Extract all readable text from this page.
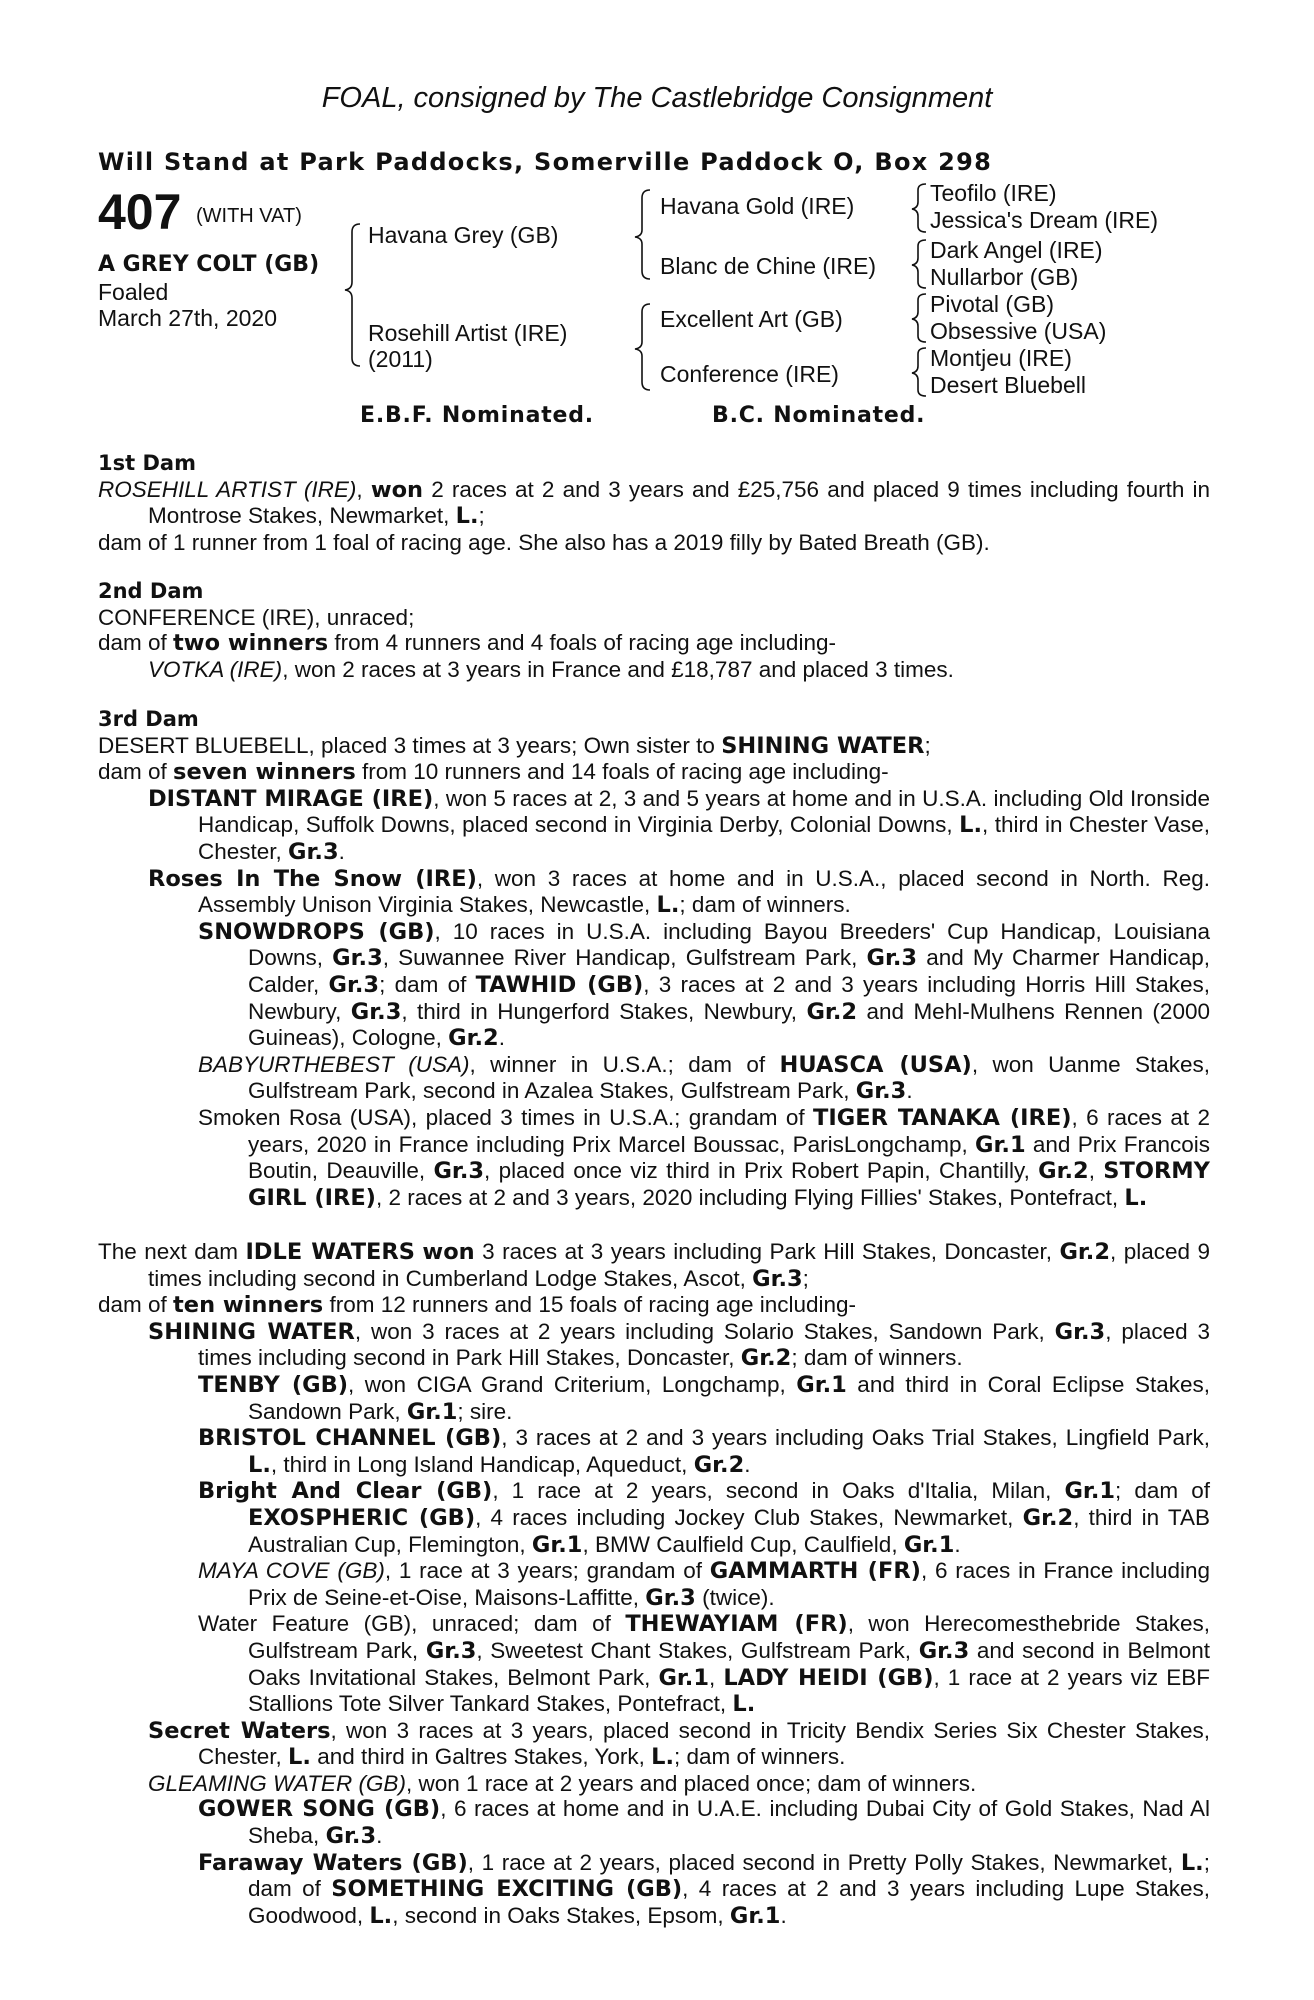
FOAL, consigned by The Castlebridge Consignment
Will Stand at Park Paddocks, Somerville Paddock O, Box 298
407 (WITH VAT)
A GREY COLT (GB)
Foaled
March 27th, 2020
Havana Grey (GB)
Rosehill Artist (IRE)
(2011)
Havana Gold (IRE)
Blanc de Chine (IRE)
Excellent Art (GB)
Conference (IRE)
Teofilo (IRE)
Jessica's Dream (IRE)
Dark Angel (IRE)
Nullarbor (GB)
Pivotal (GB)
Obsessive (USA)
Montjeu (IRE)
Desert Bluebell
E.B.F. Nominated.	B.C. Nominated.

1st Dam

ROSEHILL ARTIST (IRE), won 2 races at 2 and 3 years and £25,756 and placed 9 times including fourth in Montrose Stakes, Newmarket, L.;

dam of 1 runner from 1 foal of racing age. She also has a 2019 filly by Bated Breath (GB).

2nd Dam

CONFERENCE (IRE), unraced;

dam of two winners from 4 runners and 4 foals of racing age including-

VOTKA (IRE), won 2 races at 3 years in France and £18,787 and placed 3 times.

3rd Dam

DESERT BLUEBELL, placed 3 times at 3 years; Own sister to SHINING WATER;

dam of seven winners from 10 runners and 14 foals of racing age including-

DISTANT MIRAGE (IRE), won 5 races at 2, 3 and 5 years at home and in U.S.A. including Old Ironside Handicap, Suffolk Downs, placed second in Virginia Derby, Colonial Downs, L., third in Chester Vase, Chester, Gr.3.

Roses In The Snow (IRE), won 3 races at home and in U.S.A., placed second in North. Reg. Assembly Unison Virginia Stakes, Newcastle, L.; dam of winners.

SNOWDROPS (GB), 10 races in U.S.A. including Bayou Breeders' Cup Handicap, Louisiana Downs, Gr.3, Suwannee River Handicap, Gulfstream Park, Gr.3 and My Charmer Handicap, Calder, Gr.3; dam of TAWHID (GB), 3 races at 2 and 3 years including Horris Hill Stakes, Newbury, Gr.3, third in Hungerford Stakes, Newbury, Gr.2 and Mehl-Mulhens Rennen (2000 Guineas), Cologne, Gr.2.

BABYURTHEBEST (USA), winner in U.S.A.; dam of HUASCA (USA), won Uanme Stakes, Gulfstream Park, second in Azalea Stakes, Gulfstream Park, Gr.3.

Smoken Rosa (USA), placed 3 times in U.S.A.; grandam of TIGER TANAKA (IRE), 6 races at 2 years, 2020 in France including Prix Marcel Boussac, ParisLongchamp, Gr.1 and Prix Francois Boutin, Deauville, Gr.3, placed once viz third in Prix Robert Papin, Chantilly, Gr.2, STORMY GIRL (IRE), 2 races at 2 and 3 years, 2020 including Flying Fillies' Stakes, Pontefract, L.

The next dam IDLE WATERS won 3 races at 3 years including Park Hill Stakes, Doncaster, Gr.2, placed 9 times including second in Cumberland Lodge Stakes, Ascot, Gr.3;

dam of ten winners from 12 runners and 15 foals of racing age including-

SHINING WATER, won 3 races at 2 years including Solario Stakes, Sandown Park, Gr.3, placed 3 times including second in Park Hill Stakes, Doncaster, Gr.2; dam of winners.

TENBY (GB), won CIGA Grand Criterium, Longchamp, Gr.1 and third in Coral Eclipse Stakes, Sandown Park, Gr.1; sire.

BRISTOL CHANNEL (GB), 3 races at 2 and 3 years including Oaks Trial Stakes, Lingfield Park, L., third in Long Island Handicap, Aqueduct, Gr.2.

Bright And Clear (GB), 1 race at 2 years, second in Oaks d'Italia, Milan, Gr.1; dam of EXOSPHERIC (GB), 4 races including Jockey Club Stakes, Newmarket, Gr.2, third in TAB Australian Cup, Flemington, Gr.1, BMW Caulfield Cup, Caulfield, Gr.1.

MAYA COVE (GB), 1 race at 3 years; grandam of GAMMARTH (FR), 6 races in France including Prix de Seine-et-Oise, Maisons-Laffitte, Gr.3 (twice).

Water Feature (GB), unraced; dam of THEWAYIAM (FR), won Herecomesthebride Stakes, Gulfstream Park, Gr.3, Sweetest Chant Stakes, Gulfstream Park, Gr.3 and second in Belmont Oaks Invitational Stakes, Belmont Park, Gr.1, LADY HEIDI (GB), 1 race at 2 years viz EBF Stallions Tote Silver Tankard Stakes, Pontefract, L.

Secret Waters, won 3 races at 3 years, placed second in Tricity Bendix Series Six Chester Stakes, Chester, L. and third in Galtres Stakes, York, L.; dam of winners.

GLEAMING WATER (GB), won 1 race at 2 years and placed once; dam of winners.

GOWER SONG (GB), 6 races at home and in U.A.E. including Dubai City of Gold Stakes, Nad Al Sheba, Gr.3.

Faraway Waters (GB), 1 race at 2 years, placed second in Pretty Polly Stakes, Newmarket, L.; dam of SOMETHING EXCITING (GB), 4 races at 2 and 3 years including Lupe Stakes, Goodwood, L., second in Oaks Stakes, Epsom, Gr.1.
